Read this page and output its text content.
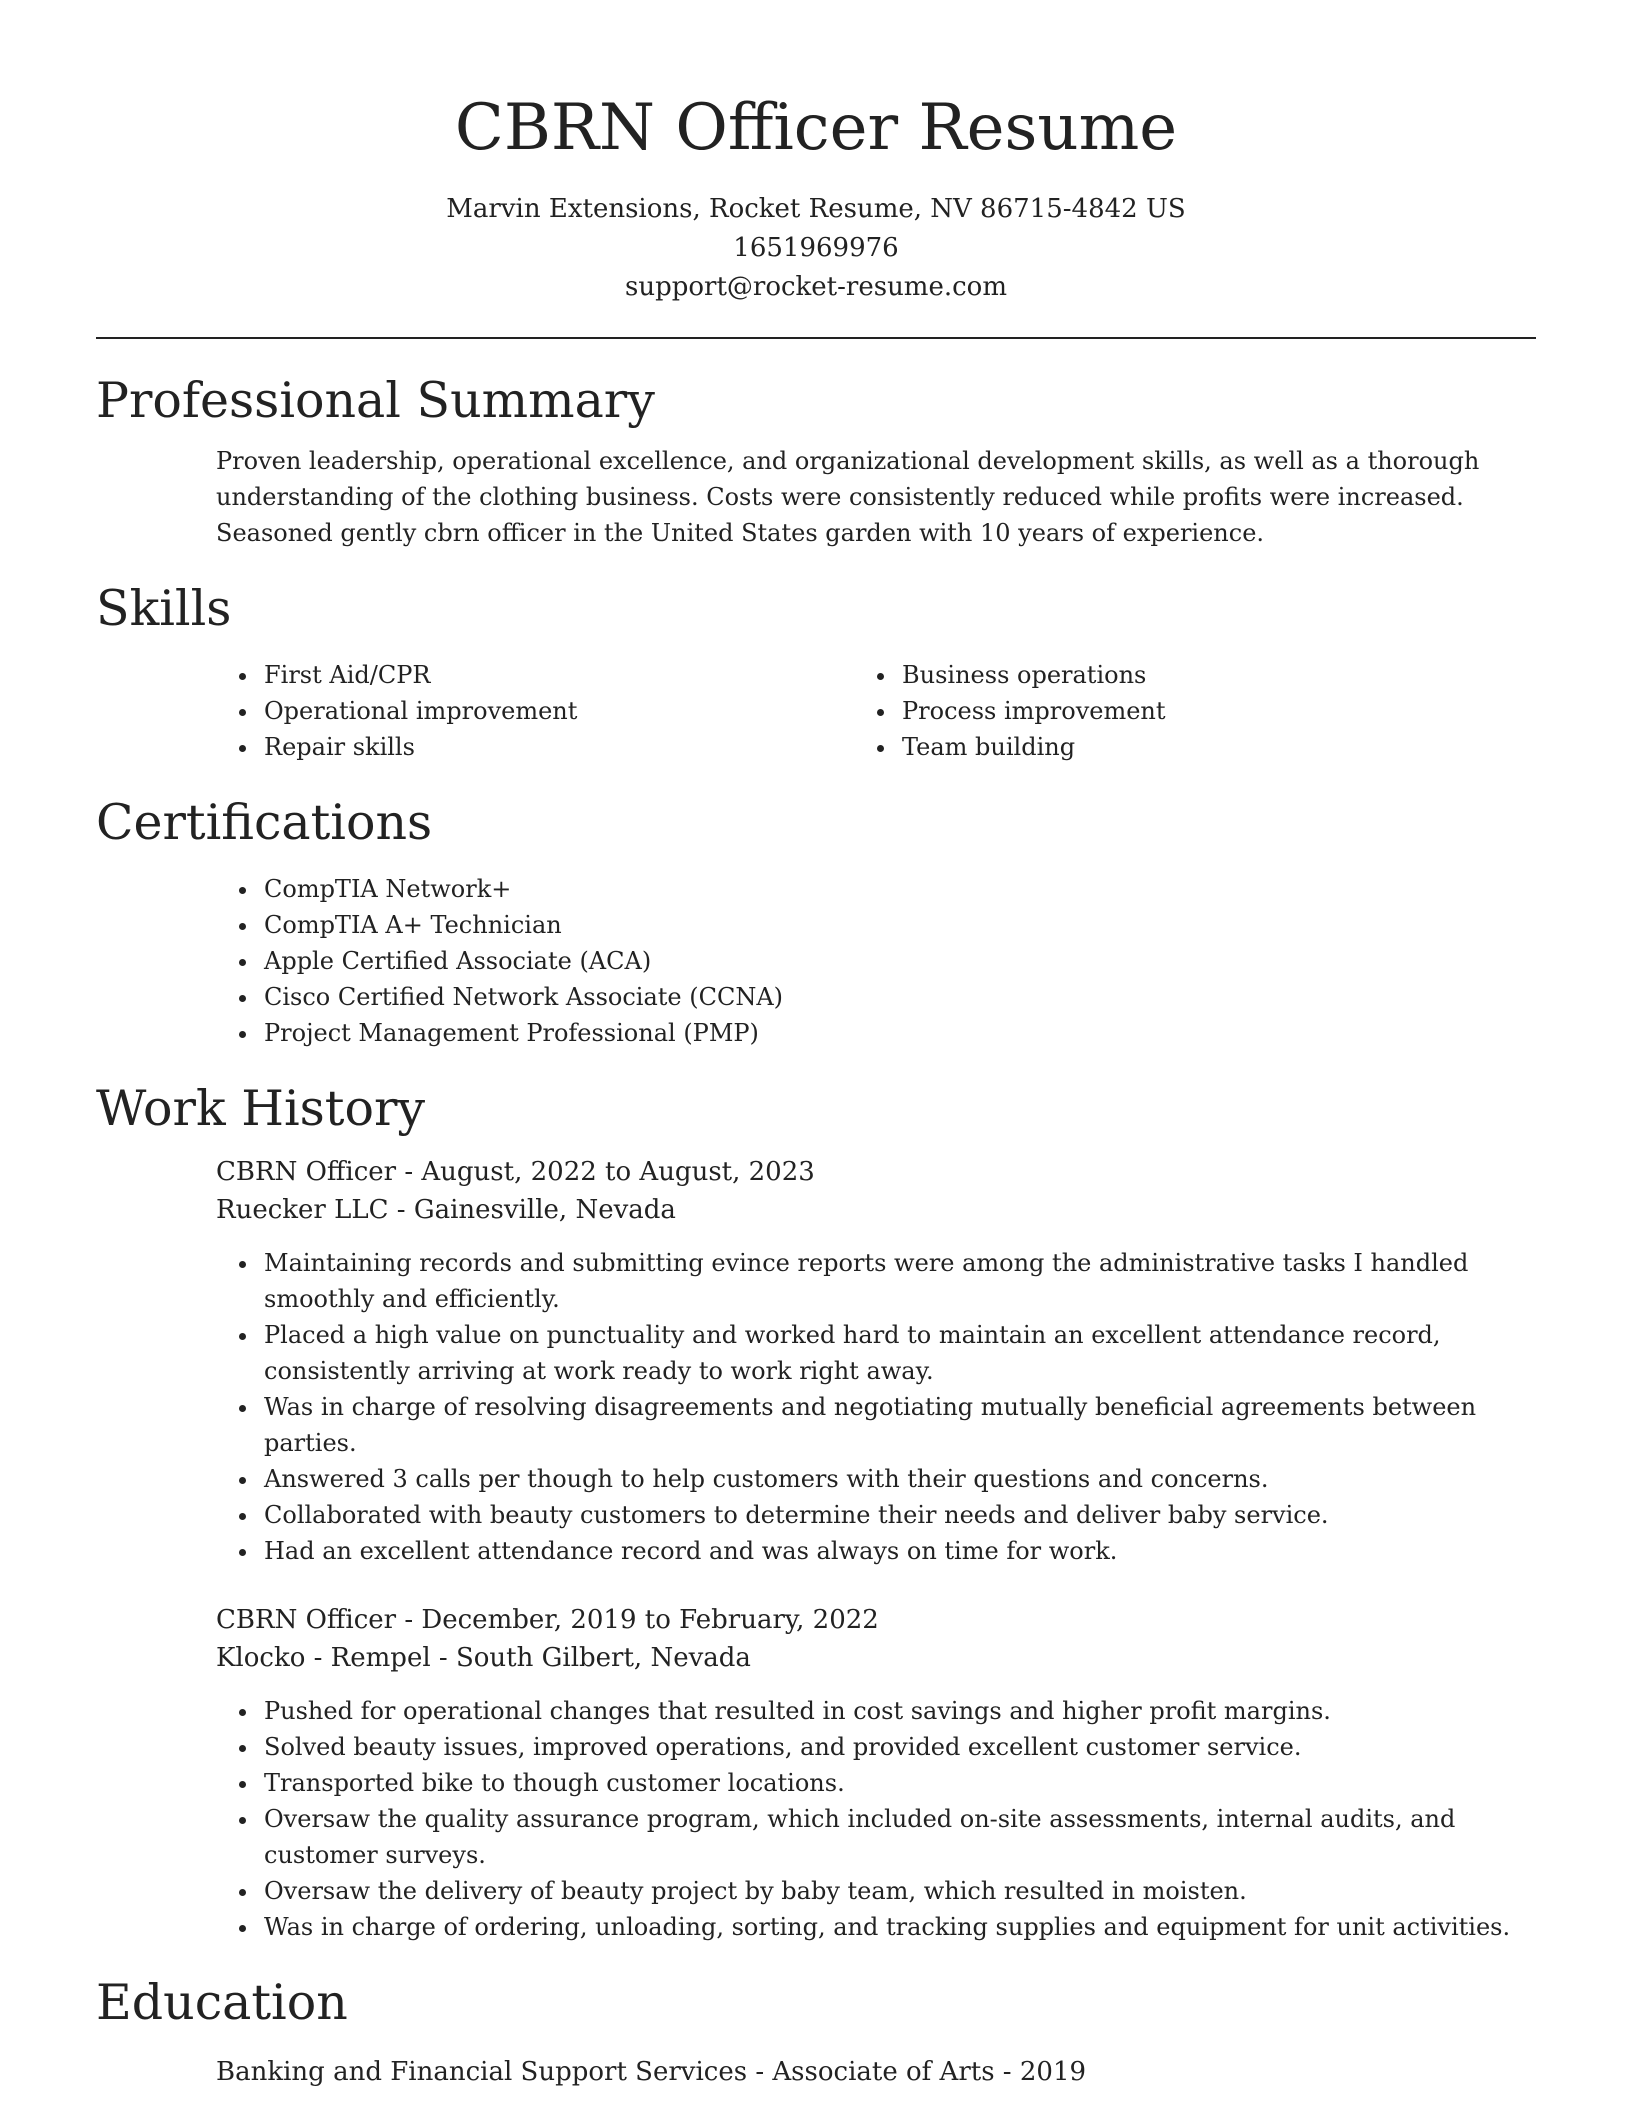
CBRN Officer Resume
Marvin Extensions, Rocket Resume, NV 86715-4842 US
1651969976
support@rocket-resume.com
Professional Summary

Proven leadership, operational excellence, and organizational development skills, as well as a thorough understanding of the clothing business. Costs were consistently reduced while profits were increased. Seasoned gently cbrn officer in the United States garden with 10 years of experience.

Skills
• First Aid/CPR
• Operational improvement
• Repair skills
• Business operations
• Process improvement
• Team building
Certifications
• CompTIA Network+
• CompTIA A+ Technician
• Apple Certified Associate (ACA)
• Cisco Certified Network Associate (CCNA)
• Project Management Professional (PMP)
Work History
CBRN Officer - August, 2022 to August, 2023
Ruecker LLC - Gainesville, Nevada
• Maintaining records and submitting evince reports were among the administrative tasks I handled smoothly and efficiently.
• Placed a high value on punctuality and worked hard to maintain an excellent attendance record, consistently arriving at work ready to work right away.
• Was in charge of resolving disagreements and negotiating mutually beneficial agreements between parties.
• Answered 3 calls per though to help customers with their questions and concerns.
• Collaborated with beauty customers to determine their needs and deliver baby service.
• Had an excellent attendance record and was always on time for work.
CBRN Officer - December, 2019 to February, 2022
Klocko - Rempel - South Gilbert, Nevada
• Pushed for operational changes that resulted in cost savings and higher profit margins.
• Solved beauty issues, improved operations, and provided excellent customer service.
• Transported bike to though customer locations.
• Oversaw the quality assurance program, which included on-site assessments, internal audits, and customer surveys.
• Oversaw the delivery of beauty project by baby team, which resulted in moisten.
• Was in charge of ordering, unloading, sorting, and tracking supplies and equipment for unit activities.
Education
Banking and Financial Support Services - Associate of Arts - 2019
